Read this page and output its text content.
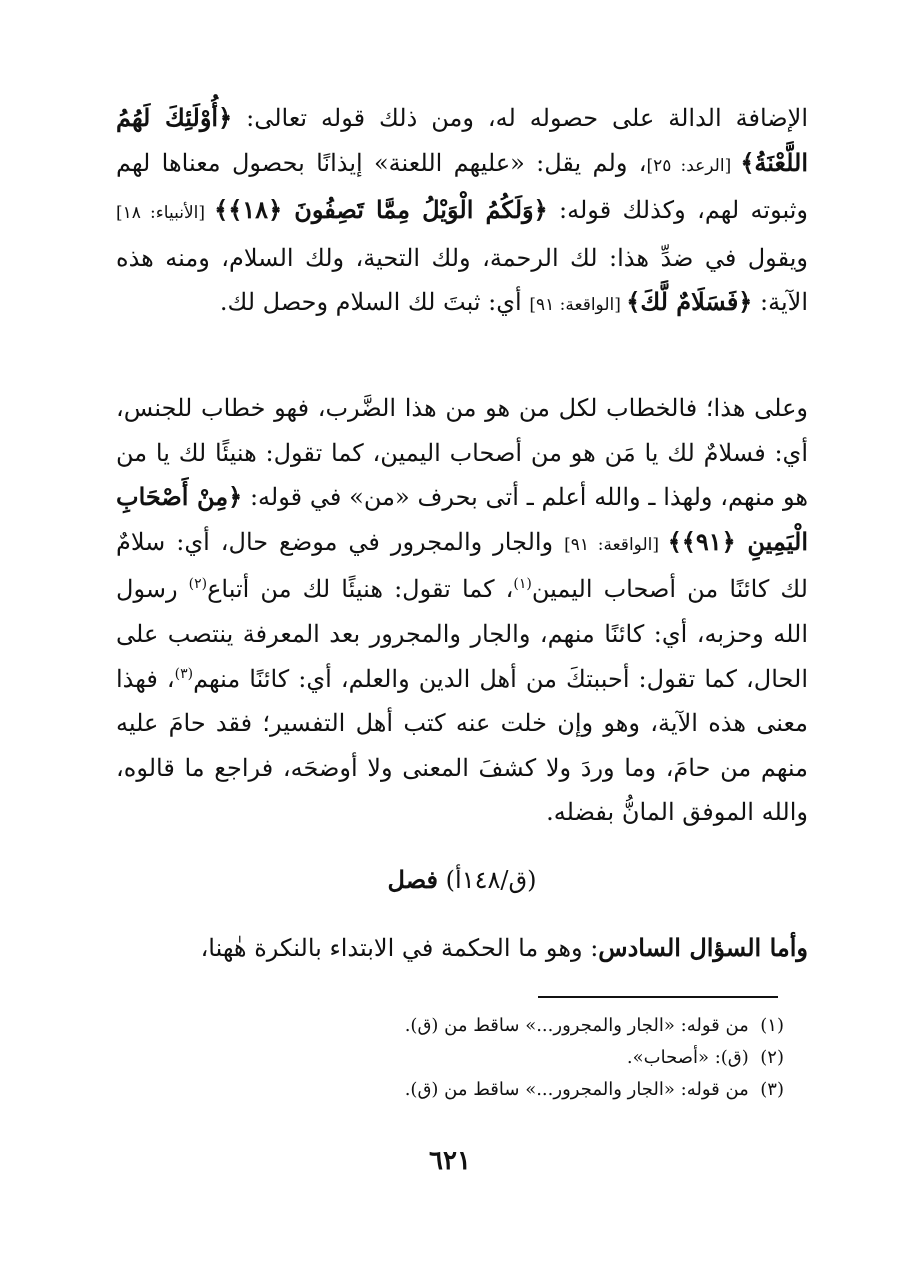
الإضافة الدالة على حصوله له، ومن ذلك قوله تعالى: ﴿أُوْلَئِكَ لَهُمُ اللَّعْنَةُ﴾ [الرعد: ٢٥]، ولم يقل: «عليهم اللعنة» إيذانًا بحصول معناها لهم وثبوته لهم، وكذلك قوله: ﴿وَلَكُمُ الْوَيْلُ مِمَّا تَصِفُونَ ﴿١٨﴾﴾ [الأنبياء: ١٨] ويقول في ضدِّ هذا: لك الرحمة، ولك التحية، ولك السلام، ومنه هذه الآية: ﴿فَسَلَامٌ لَّكَ﴾ [الواقعة: ٩١] أي: ثبتَ لك السلام وحصل لك.

وعلى هذا؛ فالخطاب لكل من هو من هذا الضَّرب، فهو خطاب للجنس، أي: فسلامٌ لك يا مَن هو من أصحاب اليمين، كما تقول: هنيئًا لك يا من هو منهم، ولهذا ـ والله أعلم ـ أتى بحرف «من» في قوله: ﴿مِنْ أَصْحَابِ الْيَمِينِ ﴿٩١﴾﴾ [الواقعة: ٩١] والجار والمجرور في موضع حال، أي: سلامٌ لك كائنًا من أصحاب اليمين$^{(١)}$، كما تقول: هنيئًا لك من أتباع$^{(٢)}$ رسول الله وحزبه، أي: كائنًا منهم، والجار والمجرور بعد المعرفة ينتصب على الحال، كما تقول: أحببتكَ من أهل الدين والعلم، أي: كائنًا منهم$^{(٣)}$، فهذا معنى هذه الآية، وهو وإن خلت عنه كتب أهل التفسير؛ فقد حامَ عليه منهم من حامَ، وما وردَ ولا كشفَ المعنى ولا أوضحَه، فراجع ما قالوه، والله الموفق المانُّ بفضله.

(ق/١٤٨أ) فصل

وأما السؤال السادس: وهو ما الحكمة في الابتداء بالنكرة هٰهنا،

(١)  من قوله: «الجار والمجرور...» ساقط من (ق).
(٢)  (ق): «أصحاب».
(٣)  من قوله: «الجار والمجرور...» ساقط من (ق).
٦٢١
